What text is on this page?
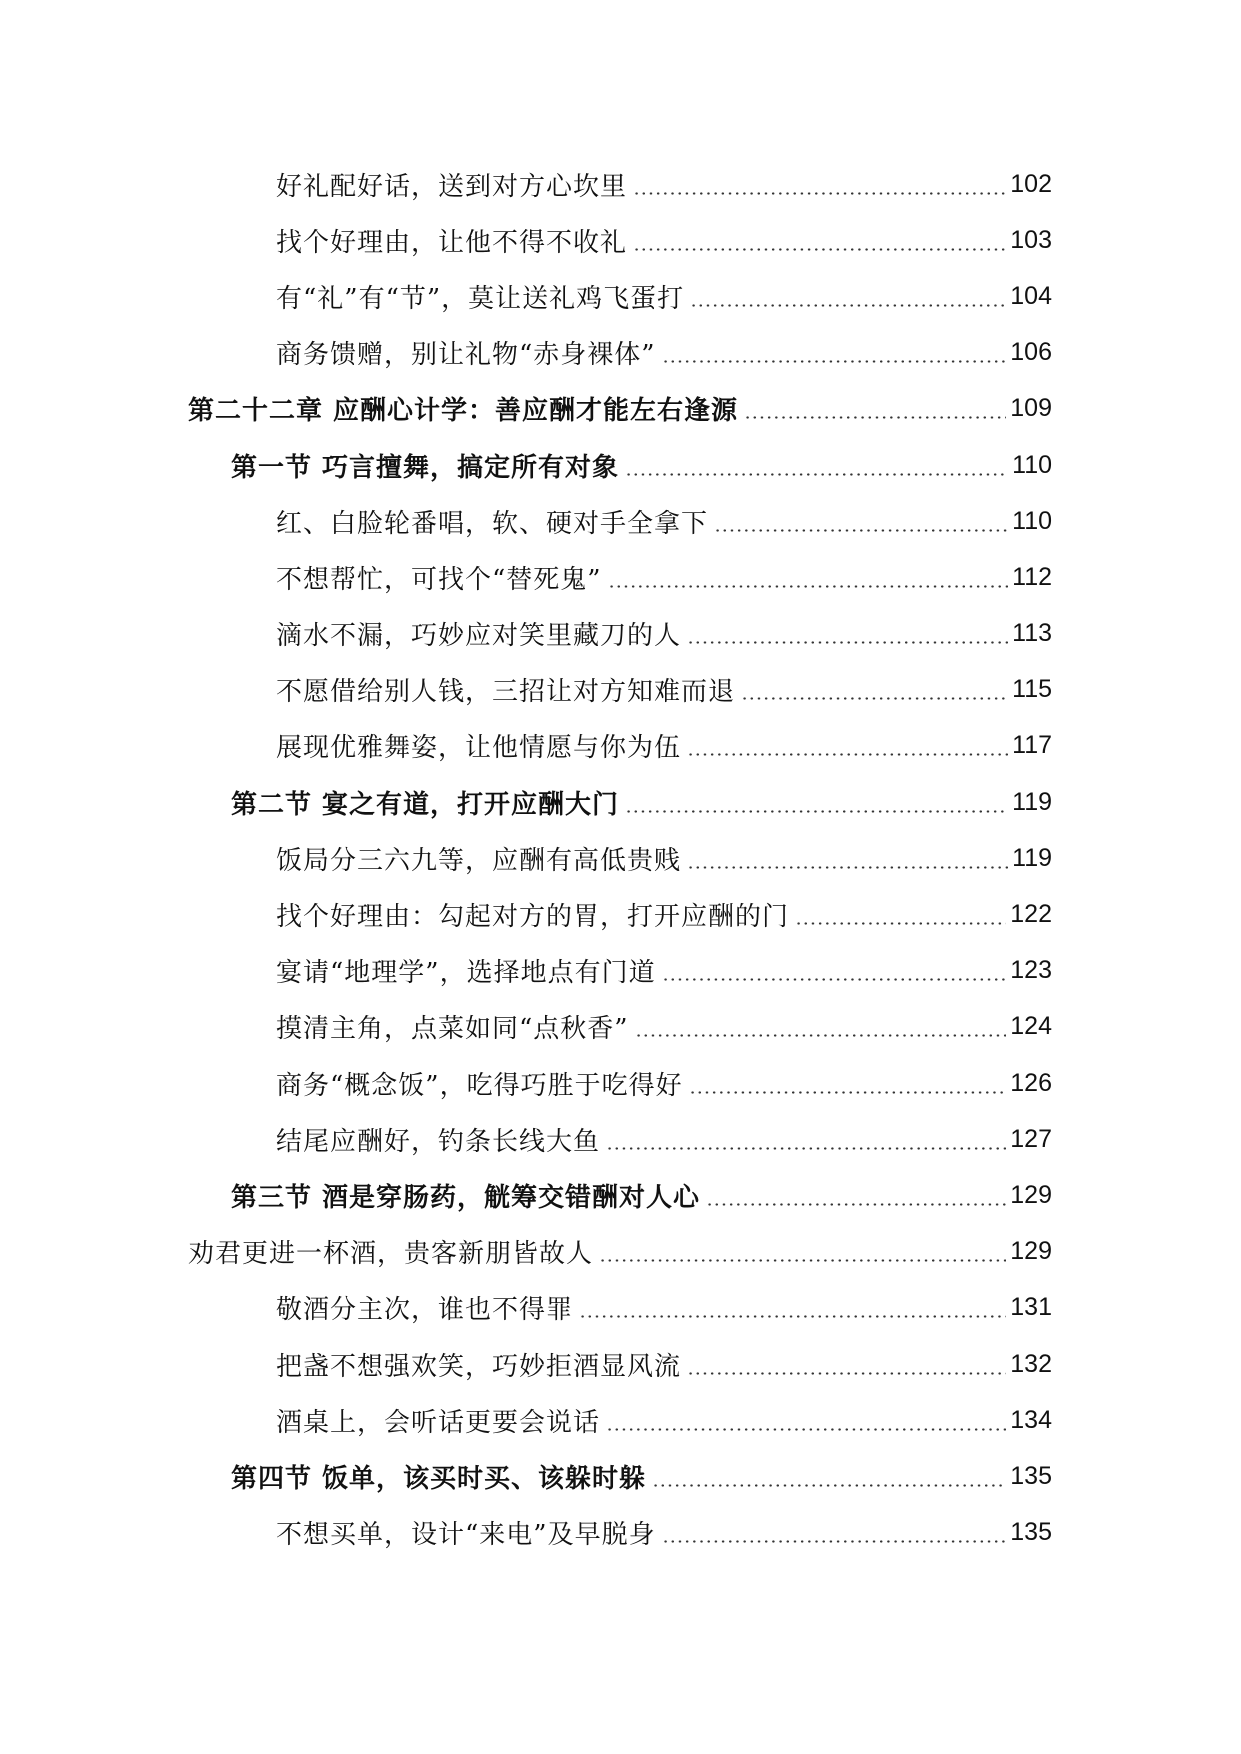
好礼配好话，送到对方心坎里	102
找个好理由，让他不得不收礼	103
有“礼”有“节”，莫让送礼鸡飞蛋打	104
商务馈赠，别让礼物“赤身裸体”	106
第二十二章 应酬心计学：善应酬才能左右逢源	109
第一节 巧言擅舞，搞定所有对象	110
红、白脸轮番唱，软、硬对手全拿下	110
不想帮忙，可找个“替死鬼”	112
滴水不漏，巧妙应对笑里藏刀的人	113
不愿借给别人钱，三招让对方知难而退	115
展现优雅舞姿，让他情愿与你为伍	117
第二节 宴之有道，打开应酬大门	119
饭局分三六九等，应酬有高低贵贱	119
找个好理由：勾起对方的胃，打开应酬的门	122
宴请“地理学”，选择地点有门道	123
摸清主角，点菜如同“点秋香”	124
商务“概念饭”，吃得巧胜于吃得好	126
结尾应酬好，钓条长线大鱼	127
第三节 酒是穿肠药，觥筹交错酬对人心	129
劝君更进一杯酒，贵客新朋皆故人	129
敬酒分主次，谁也不得罪	131
把盏不想强欢笑，巧妙拒酒显风流	132
酒桌上，会听话更要会说话	134
第四节 饭单，该买时买、该躲时躲	135
不想买单，设计“来电”及早脱身	135
